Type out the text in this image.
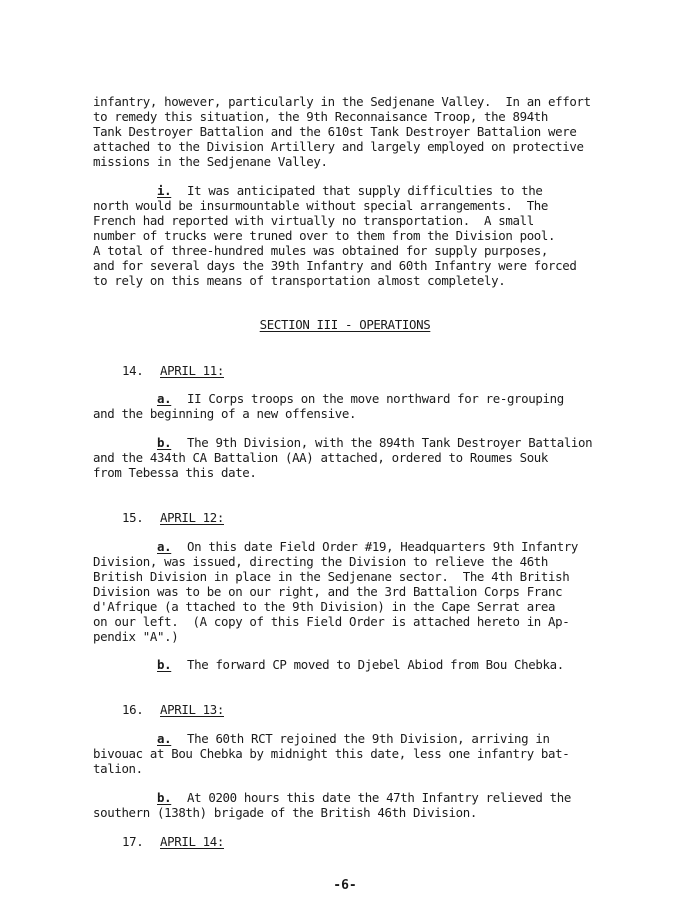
infantry, however, particularly in the Sedjenane Valley.  In an effort
to remedy this situation, the 9th Reconnaisance Troop, the 894th
Tank Destroyer Battalion and the 610st Tank Destroyer Battalion were
attached to the Division Artillery and largely employed on protective
missions in the Sedjenane Valley.
i. It was anticipated that supply difficulties to the
north would be insurmountable without special arrangements.  The
French had reported with virtually no transportation.  A small
number of trucks were truned over to them from the Division pool.
A total of three-hundred mules was obtained for supply purposes,
and for several days the 39th Infantry and 60th Infantry were forced
to rely on this means of transportation almost completely.
SECTION III - OPERATIONS
14. APRIL 11:
a. II Corps troops on the move northward for re-grouping
and the beginning of a new offensive.
b. The 9th Division, with the 894th Tank Destroyer Battalion
and the 434th CA Battalion (AA) attached, ordered to Roumes Souk
from Tebessa this date.
15. APRIL 12:
a. On this date Field Order #19, Headquarters 9th Infantry
Division, was issued, directing the Division to relieve the 46th
British Division in place in the Sedjenane sector.  The 4th British
Division was to be on our right, and the 3rd Battalion Corps Franc
d'Afrique (a ttached to the 9th Division) in the Cape Serrat area
on our left.  (A copy of this Field Order is attached hereto in Ap-
pendix "A".)
b. The forward CP moved to Djebel Abiod from Bou Chebka.
16. APRIL 13:
a. The 60th RCT rejoined the 9th Division, arriving in
bivouac at Bou Chebka by midnight this date, less one infantry bat-
talion.
b. At 0200 hours this date the 47th Infantry relieved the
southern (138th) brigade of the British 46th Division.
17. APRIL 14:
-6-
